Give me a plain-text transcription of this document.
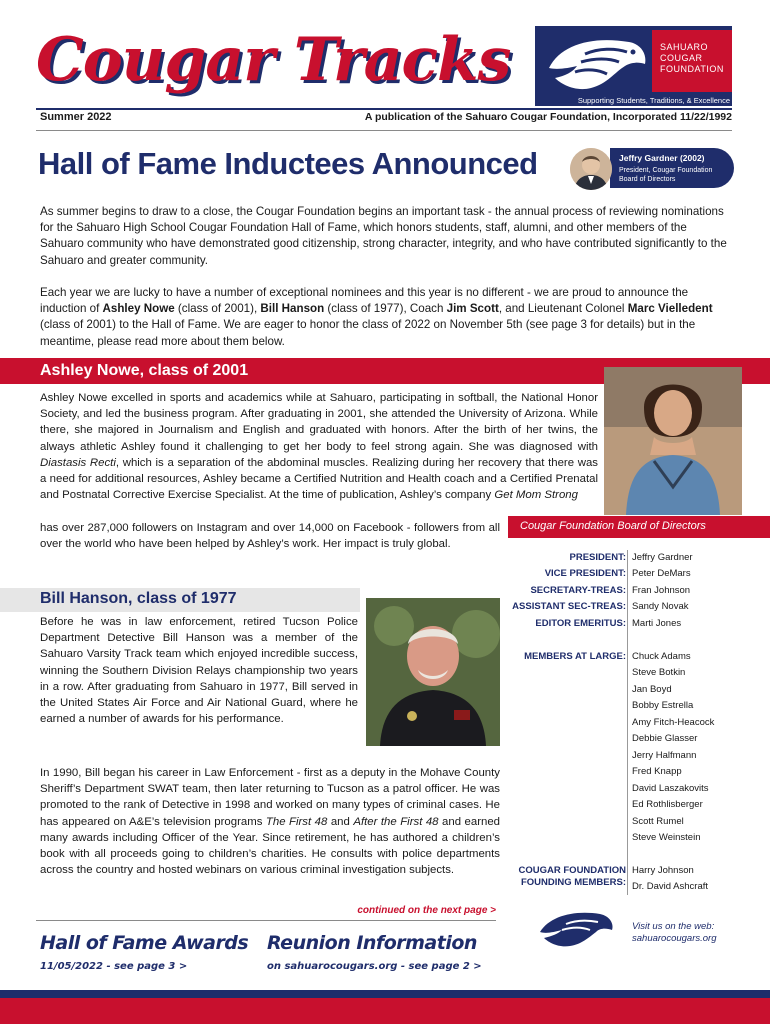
Cougar Tracks	SAHUARO COUGAR FOUNDATION
Supporting Students, Traditions, & Excellence
Summer 2022	A publication of the Sahuaro Cougar Foundation, Incorporated 11/22/1992
Hall of Fame Inductees Announced	Jeffry Gardner (2002)
President, Cougar Foundation Board of Directors
As summer begins to draw to a close, the Cougar Foundation begins an important task - the annual process of reviewing nominations for the Sahuaro High School Cougar Foundation Hall of Fame, which honors students, staff, alumni, and other members of the Sahuaro community who have demonstrated good citizenship, strong character, integrity, and who have contributed significantly to the Sahuaro and greater community.
Each year we are lucky to have a number of exceptional nominees and this year is no different - we are proud to announce the induction of Ashley Nowe (class of 2001), Bill Hanson (class of 1977), Coach Jim Scott, and Lieutenant Colonel Marc Vielledent (class of 2001) to the Hall of Fame. We are eager to honor the class of 2022 on November 5th (see page 3 for details) but in the meantime, please read more about them below.
Ashley Nowe, class of 2001
Ashley Nowe excelled in sports and academics while at Sahuaro, participating in softball, the National Honor Society, and led the business program. After graduating in 2001, she attended the University of Arizona. While there, she majored in Journalism and English and graduated with honors. After the birth of her twins, the always athletic Ashley found it challenging to get her body to feel strong again. She was diagnosed with Diastasis Recti, which is a separation of the abdominal muscles. Realizing during her recovery that there was a need for additional resources, Ashley became a Certified Nutrition and Health coach and a Certified Prenatal and Postnatal Corrective Exercise Specialist. At the time of publication, Ashley’s company Get Mom Strong
Cougar Foundation Board of Directors
PRESIDENT: Jeffry Gardner
VICE PRESIDENT: Peter DeMars
SECRETARY-TREAS: Fran Johnson
ASSISTANT SEC-TREAS: Sandy Novak
EDITOR EMERITUS: Marti Jones
MEMBERS AT LARGE: Chuck Adams
Steve Botkin
Jan Boyd
Bobby Estrella
Amy Fitch-Heacock
Debbie Glasser
Jerry Halfmann
Fred Knapp
David Laszakovits
Ed Rothlisberger
Scott Rumel
Steve Weinstein
COUGAR FOUNDATION FOUNDING MEMBERS:
Harry Johnson
Dr. David Ashcraft
Visit us on the web: sahuarocougars.org
has over 287,000 followers on Instagram and over 14,000 on Facebook - followers from all over the world who have been helped by Ashley’s work. Her impact is truly global.
Bill Hanson, class of 1977
Before he was in law enforcement, retired Tucson Police Department Detective Bill Hanson was a member of the Sahuaro Varsity Track team which enjoyed incredible success, winning the Southern Division Relays championship two years in a row. After graduating from Sahuaro in 1977, Bill served in the United States Air Force and Air National Guard, where he earned a number of awards for his performance.
In 1990, Bill began his career in Law Enforcement - first as a deputy in the Mohave County Sheriff’s Department SWAT team, then later returning to Tucson as a patrol officer. He was promoted to the rank of Detective in 1998 and worked on many types of criminal cases. He has appeared on A&E’s television programs The First 48 and After the First 48 and earned many awards including Officer of the Year. Since retirement, he has authored a children’s book with all proceeds going to children’s charities. He consults with police departments across the country and hosted webinars on various criminal investigation subjects.
continued on the next page >
Hall of Fame Awards
11/05/2022 - see page 3 >
Reunion Information
on sahuarocougars.org - see page 2 >
